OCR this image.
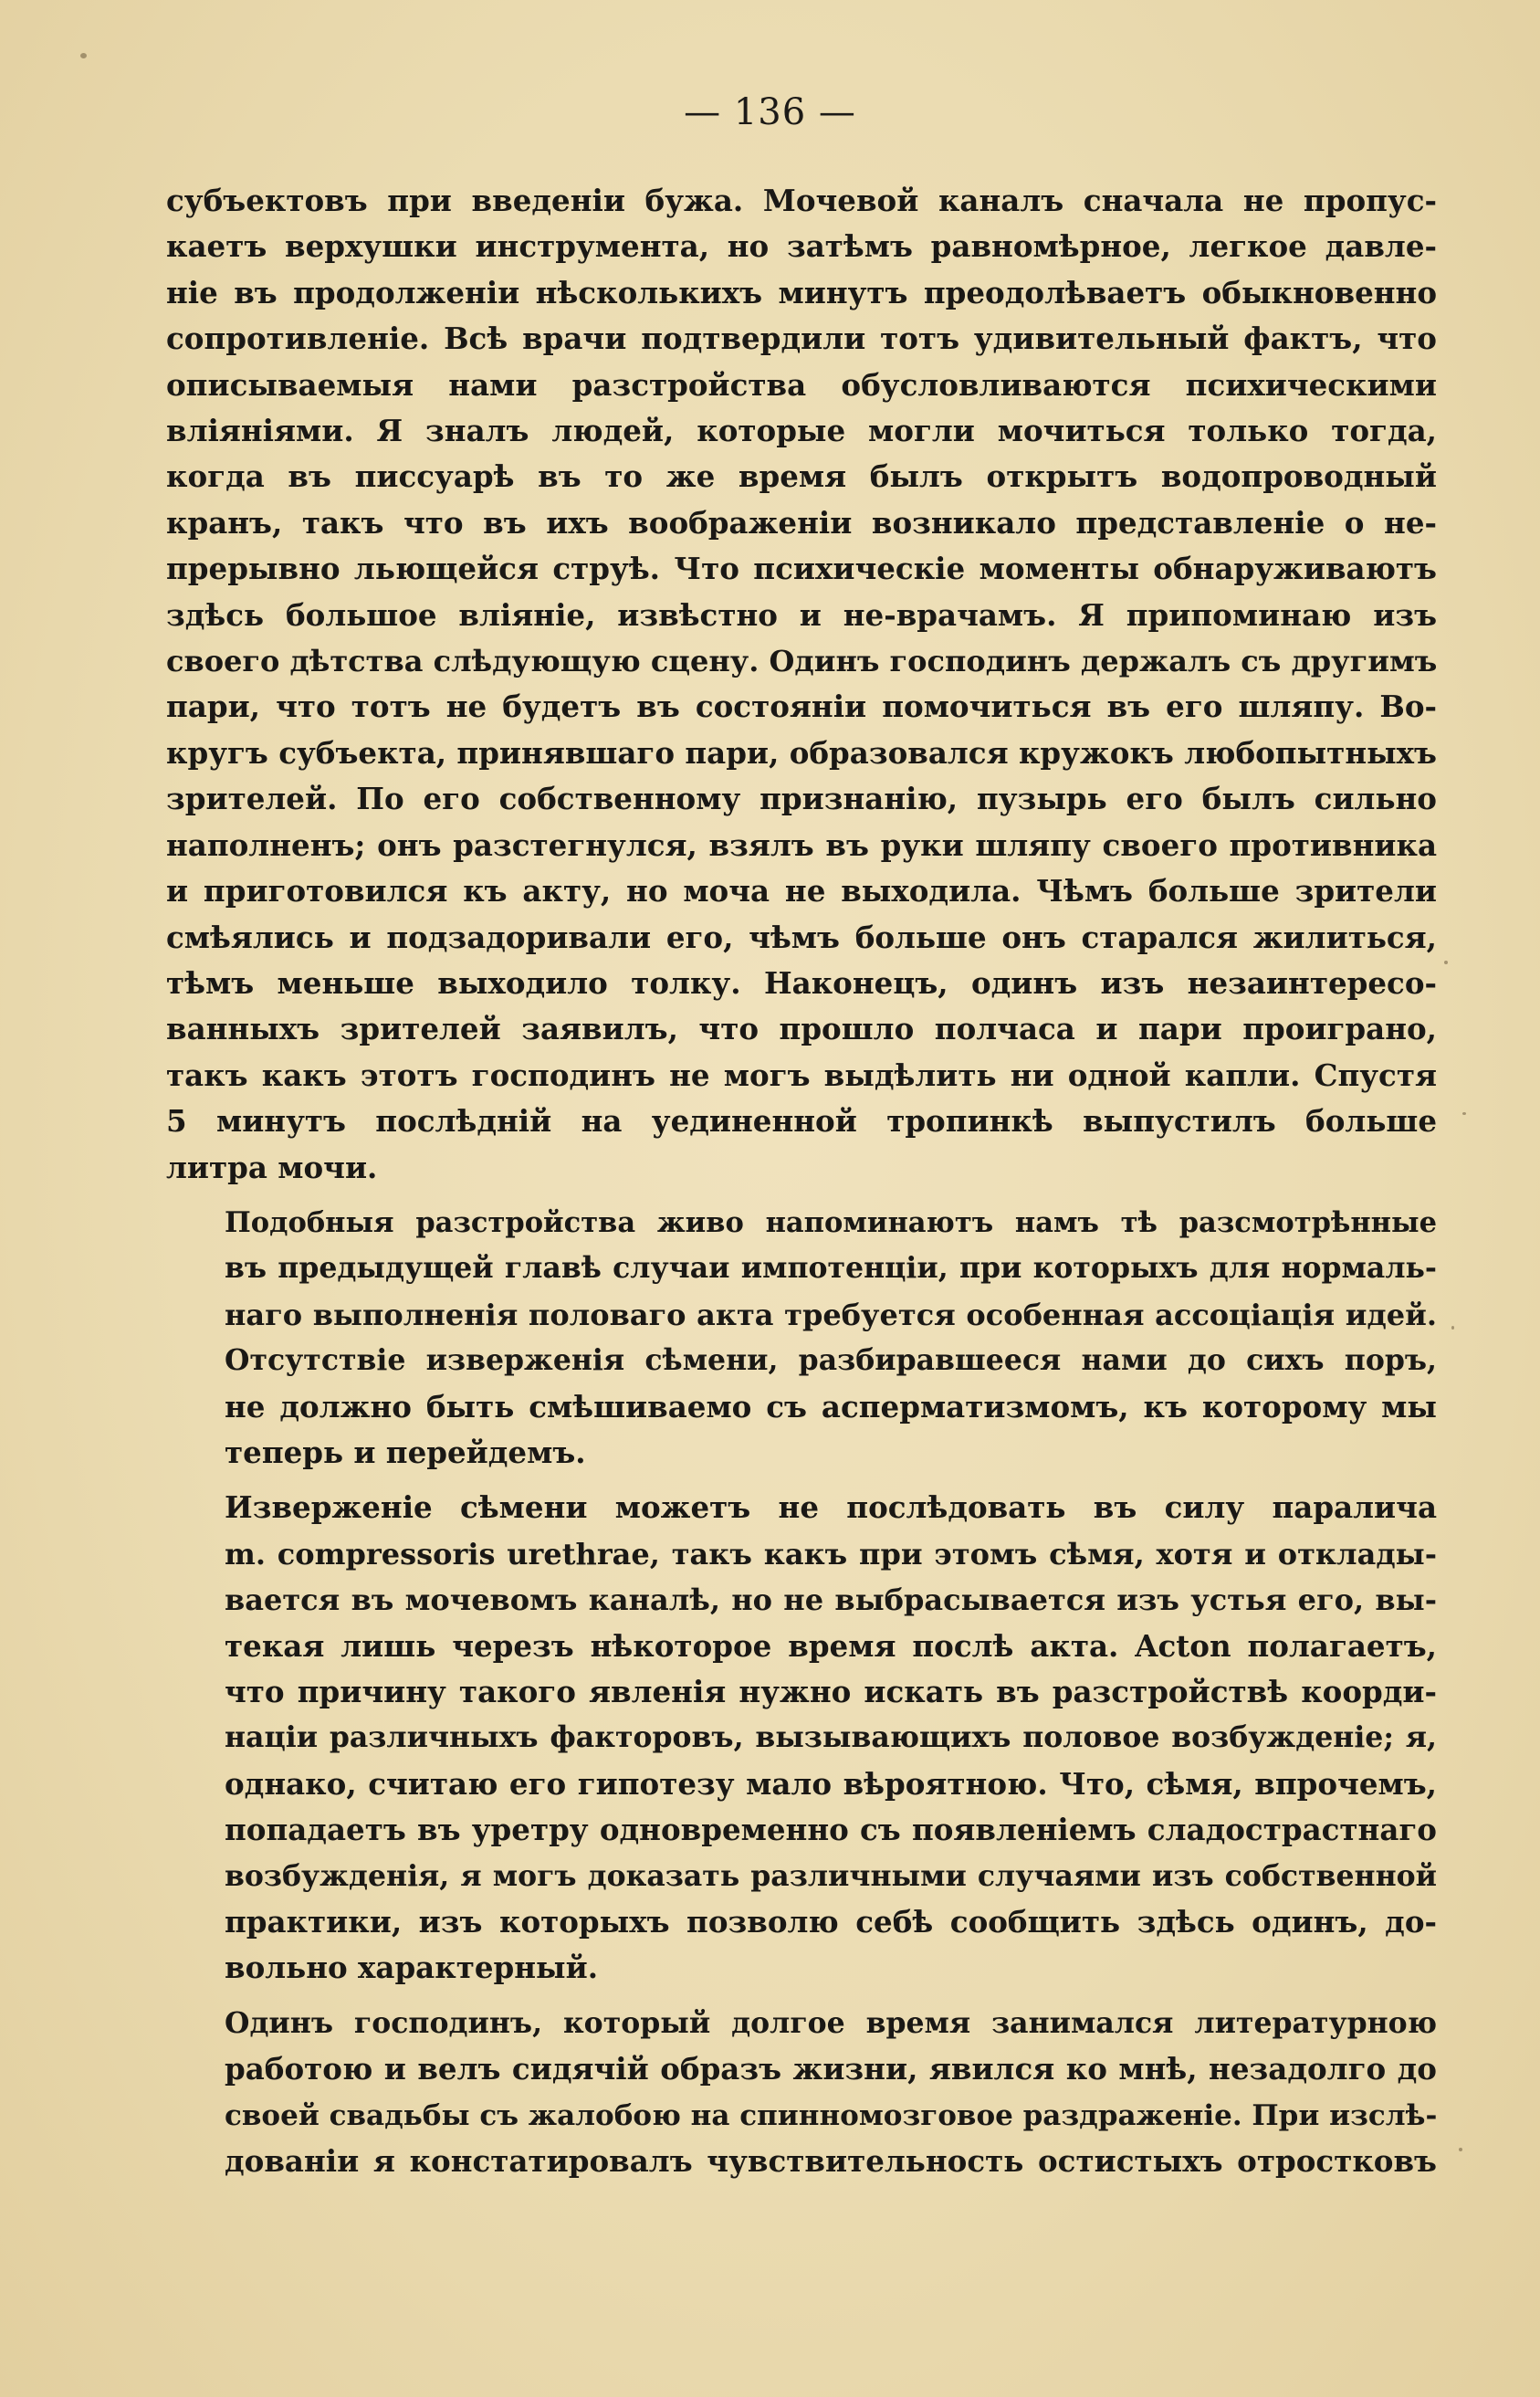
— 136 —

субъектовъ при введенiи бужа. Мочевой каналъ сначала не пропус-
каетъ верхушки инструмента, но затѣмъ равномѣрное, легкое давле-
нiе въ продолженiи нѣсколькихъ минутъ преодолѣваетъ обыкновенно
сопротивленiе. Всѣ врачи подтвердили тотъ удивительный фактъ, что
описываемыя нами разстройства обусловливаются психическими
влiянiями. Я зналъ людей, которые могли мочиться только тогда,
когда въ писсуарѣ въ то же время былъ открытъ водопроводный
кранъ, такъ что въ ихъ воображенiи возникало представленiе о не-
прерывно льющейся струѣ. Что психическiе моменты обнаруживаютъ
здѣсь большое влiянiе, извѣстно и не-врачамъ. Я припоминаю изъ
своего дѣтства слѣдующую сцену. Одинъ господинъ держалъ съ другимъ
пари, что тотъ не будетъ въ состоянiи помочиться въ его шляпу. Во-
кругъ субъекта, принявшаго пари, образовался кружокъ любопытныхъ
зрителей. По его собственному признанiю, пузырь его былъ сильно
наполненъ; онъ разстегнулся, взялъ въ руки шляпу своего противника
и приготовился къ акту, но моча не выходила. Чѣмъ больше зрители
смѣялись и подзадоривали его, чѣмъ больше онъ старался жилиться,
тѣмъ меньше выходило толку. Наконецъ, одинъ изъ незаинтересо-
ванныхъ зрителей заявилъ, что прошло полчаса и пари проиграно,
такъ какъ этотъ господинъ не могъ выдѣлить ни одной капли. Спустя
5 минутъ послѣднiй на уединенной тропинкѣ выпустилъ больше
литра мочи.

Подобныя разстройства живо напоминаютъ намъ тѣ разсмотрѣнные
въ предыдущей главѣ случаи импотенцiи, при которыхъ для нормаль-
наго выполненiя половаго акта требуется особенная ассоцiацiя идей.

Отсутствiе изверженiя сѣмени, разбиравшееся нами до сихъ поръ,
не должно быть смѣшиваемо съ асперматизмомъ, къ которому мы
теперь и перейдемъ.

Изверженiе сѣмени можетъ не послѣдовать въ силу паралича
m. compressoris urethrae, такъ какъ при этомъ сѣмя, хотя и отклады-
вается въ мочевомъ каналѣ, но не выбрасывается изъ устья его, вы-
текая лишь черезъ нѣкоторое время послѣ акта. Acton полагаетъ,
что причину такого явленiя нужно искать въ разстройствѣ коорди-
націи различныхъ факторовъ, вызывающихъ половое возбужденiе; я,
однако, считаю его гипотезу мало вѣроятною. Что, сѣмя, впрочемъ,
попадаетъ въ уретру одновременно съ появленiемъ сладострастнаго
возбужденiя, я могъ доказать различными случаями изъ собственной
практики, изъ которыхъ позволю себѣ сообщить здѣсь одинъ, до-
вольно характерный.

Одинъ господинъ, который долгое время занимался литературною
работою и велъ сидячiй образъ жизни, явился ко мнѣ, незадолго до
своей свадьбы съ жалобою на спинномозговое раздраженiе. При изслѣ-
дованiи я констатировалъ чувствительность остистыхъ отростковъ
